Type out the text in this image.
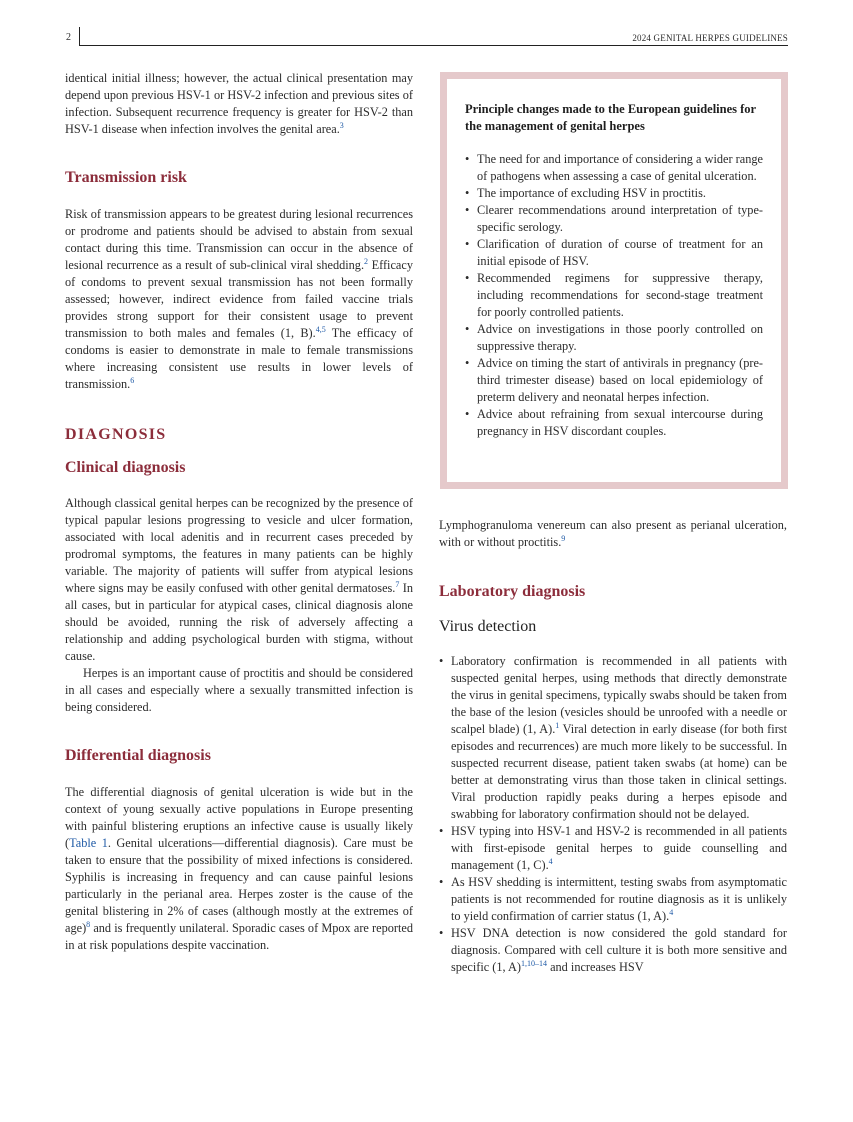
2	2024 GENITAL HERPES GUIDELINES

identical initial illness; however, the actual clinical presentation may depend upon previous HSV-1 or HSV-2 infection and previous sites of infection. Subsequent recurrence frequency is greater for HSV-2 than HSV-1 disease when infection involves the genital area.$^3$

Transmission risk

Risk of transmission appears to be greatest during lesional recurrences or prodrome and patients should be advised to abstain from sexual contact during this time. Transmission can occur in the absence of lesional recurrence as a result of sub-clinical viral shedding.$^2$ Efficacy of condoms to prevent sexual transmission has not been formally assessed; however, indirect evidence from failed vaccine trials provides strong support for their consistent usage to prevent transmission to both males and females (1, B).$^{4,5}$ The efficacy of condoms is easier to demonstrate in male to female transmissions where increasing consistent use results in lower levels of transmission.$^6$

DIAGNOSIS
Clinical diagnosis

Although classical genital herpes can be recognized by the presence of typical papular lesions progressing to vesicle and ulcer formation, associated with local adenitis and in recurrent cases preceded by prodromal symptoms, the features in many patients can be highly variable. The majority of patients will suffer from atypical lesions where signs may be easily confused with other genital dermatoses.$^7$ In all cases, but in particular for atypical cases, clinical diagnosis alone should be avoided, running the risk of adversely affecting a relationship and adding psychological burden with stigma, without cause.

Herpes is an important cause of proctitis and should be considered in all cases and especially where a sexually transmitted infection is being considered.

Differential diagnosis

The differential diagnosis of genital ulceration is wide but in the context of young sexually active populations in Europe presenting with painful blistering eruptions an infective cause is usually likely (Table 1. Genital ulcerations—differential diagnosis). Care must be taken to ensure that the possibility of mixed infections is considered. Syphilis is increasing in frequency and can cause painful lesions particularly in the perianal area. Herpes zoster is the cause of the genital blistering in 2% of cases (although mostly at the extremes of age)$^8$ and is frequently unilateral. Sporadic cases of Mpox are reported in at risk populations despite vaccination.

Principle changes made to the European guidelines for the management of genital herpes
• The need for and importance of considering a wider range of pathogens when assessing a case of genital ulceration.
• The importance of excluding HSV in proctitis.
• Clearer recommendations around interpretation of type-specific serology.
• Clarification of duration of course of treatment for an initial episode of HSV.
• Recommended regimens for suppressive therapy, including recommendations for second-stage treatment for poorly controlled patients.
• Advice on investigations in those poorly controlled on suppressive therapy.
• Advice on timing the start of antivirals in pregnancy (pre-third trimester disease) based on local epidemiology of preterm delivery and neonatal herpes infection.
• Advice about refraining from sexual intercourse during pregnancy in HSV discordant couples.

Lymphogranuloma venereum can also present as perianal ulceration, with or without proctitis.$^9$

Laboratory diagnosis
Virus detection
• Laboratory confirmation is recommended in all patients with suspected genital herpes, using methods that directly demonstrate the virus in genital specimens, typically swabs should be taken from the base of the lesion (vesicles should be unroofed with a needle or scalpel blade) (1, A).$^1$ Viral detection in early disease (for both first episodes and recurrences) are much more likely to be successful. In suspected recurrent disease, patient taken swabs (at home) can be better at demonstrating virus than those taken in clinical settings. Viral production rapidly peaks during a herpes episode and swabbing for laboratory confirmation should not be delayed.
• HSV typing into HSV-1 and HSV-2 is recommended in all patients with first-episode genital herpes to guide counselling and management (1, C).$^4$
• As HSV shedding is intermittent, testing swabs from asymptomatic patients is not recommended for routine diagnosis as it is unlikely to yield confirmation of carrier status (1, A).$^4$
• HSV DNA detection is now considered the gold standard for diagnosis. Compared with cell culture it is both more sensitive and specific (1, A)$^{1,10-14}$ and increases HSV
